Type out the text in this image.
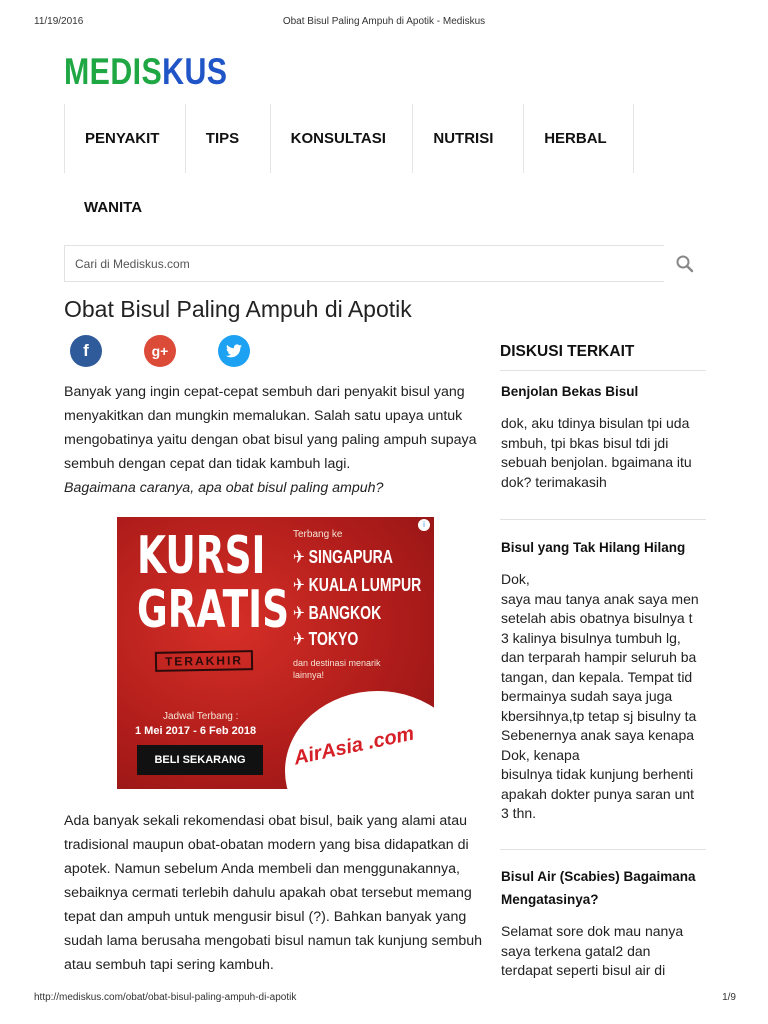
11/19/2016	Obat Bisul Paling Ampuh di Apotik - Mediskus
MEDISKUS
PENYAKIT	TIPS	KONSULTASI	NUTRISI	HERBAL
WANITA
Cari di Mediskus.com
Obat Bisul Paling Ampuh di Apotik
f	g+
Banyak yang ingin cepat-cepat sembuh dari penyakit bisul yang menyakitkan dan mungkin memalukan. Salah satu upaya untuk mengobatinya yaitu dengan obat bisul yang paling ampuh supaya sembuh dengan cepat dan tidak kambuh lagi.
Bagaimana caranya, apa obat bisul paling ampuh?
i
KURSI
GRATIS
TERAKHIR
Terbang ke
✈ SINGAPURA
✈ KUALA LUMPUR
✈ BANGKOK
✈ TOKYO
dan destinasi menarik lainnya!
Jadwal Terbang :
1 Mei 2017 - 6 Feb 2018
BELI SEKARANG	AirAsia .com
Ada banyak sekali rekomendasi obat bisul, baik yang alami atau tradisional maupun obat-obatan modern yang bisa didapatkan di apotek. Namun sebelum Anda membeli dan menggunakannya, sebaiknya cermati terlebih dahulu apakah obat tersebut memang tepat dan ampuh untuk mengusir bisul (?). Bahkan banyak yang sudah lama berusaha mengobati bisul namun tak kunjung sembuh atau sembuh tapi sering kambuh.
DISKUSI TERKAIT
Benjolan Bekas Bisul
dok, aku tdinya bisulan tpi uda smbuh, tpi bkas bisul tdi jdi sebuah benjolan. bgaimana itu dok? terimakasih
Bisul yang Tak Hilang Hilang
Dok,
saya mau tanya anak saya men
setelah abis obatnya bisulnya t
3 kalinya bisulnya tumbuh lg,
dan terparah hampir seluruh ba
tangan, dan kepala. Tempat tid
bermainya sudah saya juga
kbersihnya,tp tetap sj bisulny ta
Sebenernya anak saya kenapa
Dok, kenapa
bisulnya tidak kunjung berhenti
apakah dokter punya saran unt
3 thn.
Bisul Air (Scabies) Bagaimana Mengatasinya?
Selamat sore dok mau nanya
saya terkena gatal2 dan
terdapat seperti bisul air di
http://mediskus.com/obat/obat-bisul-paling-ampuh-di-apotik	1/9
